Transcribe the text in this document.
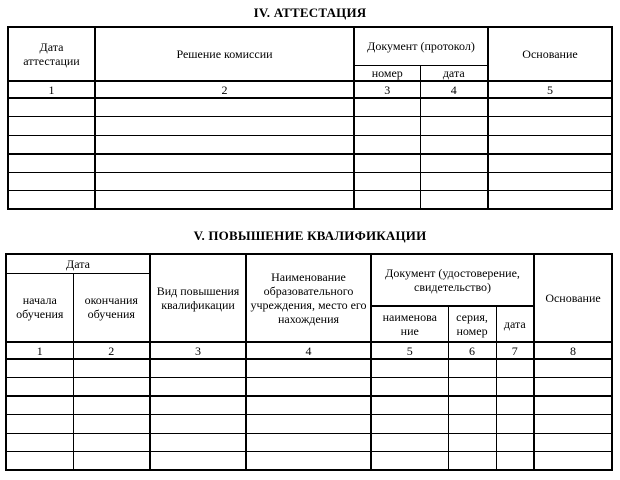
IV. АТТЕСТАЦИЯ
Дата аттестации	Решение комиссии	Документ (протокол)		Основание
		номер	дата	
1	2	3	4	5

V. ПОВЫШЕНИЕ КВАЛИФИКАЦИИ
Дата		Вид повышения квалификации	Наименование образовательного учреждения, место его нахождения	Документ (удостоверение, свидетельство)			Основание
начала обучения	окончания обучения						
				наименова ние	серия, номер	дата	
1	2	3	4	5	6	7	8
